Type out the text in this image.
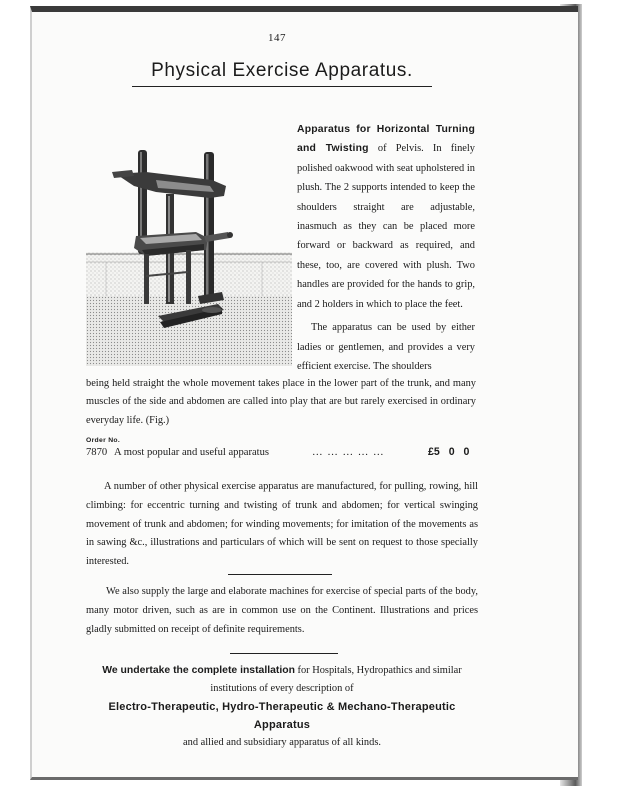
147
Physical Exercise Apparatus.
Apparatus for Horizontal Turning and Twisting of Pelvis. In finely polished oakwood with seat upholstered in plush. The 2 supports intended to keep the shoulders straight are adjustable, inasmuch as they can be placed more forward or backward as required, and these, too, are covered with plush. Two handles are provided for the hands to grip, and 2 holders in which to place the feet.
The apparatus can be used by either ladies or gentlemen, and provides a very efficient exercise. The shoulders
being held straight the whole movement takes place in the lower part of the trunk, and many muscles of the side and abdomen are called into play that are but rarely exercised in ordinary everyday life. (Fig.)
Order No.
7870 A most popular and useful apparatus	… … … … …	£5 0 0
A number of other physical exercise apparatus are manufactured, for pulling, rowing, hill climbing: for eccentric turning and twisting of trunk and abdomen; for vertical swinging movement of trunk and abdomen; for winding movements; for imitation of the movements as in sawing &c., illustrations and particulars of which will be sent on request to those specially interested.
We also supply the large and elaborate machines for exercise of special parts of the body, many motor driven, such as are in common use on the Continent. Illustrations and prices gladly submitted on receipt of definite requirements.
We undertake the complete installation for Hospitals, Hydropathics and similar institutions of every description of
Electro-Therapeutic, Hydro-Therapeutic & Mechano-Therapeutic Apparatus
and allied and subsidiary apparatus of all kinds.
